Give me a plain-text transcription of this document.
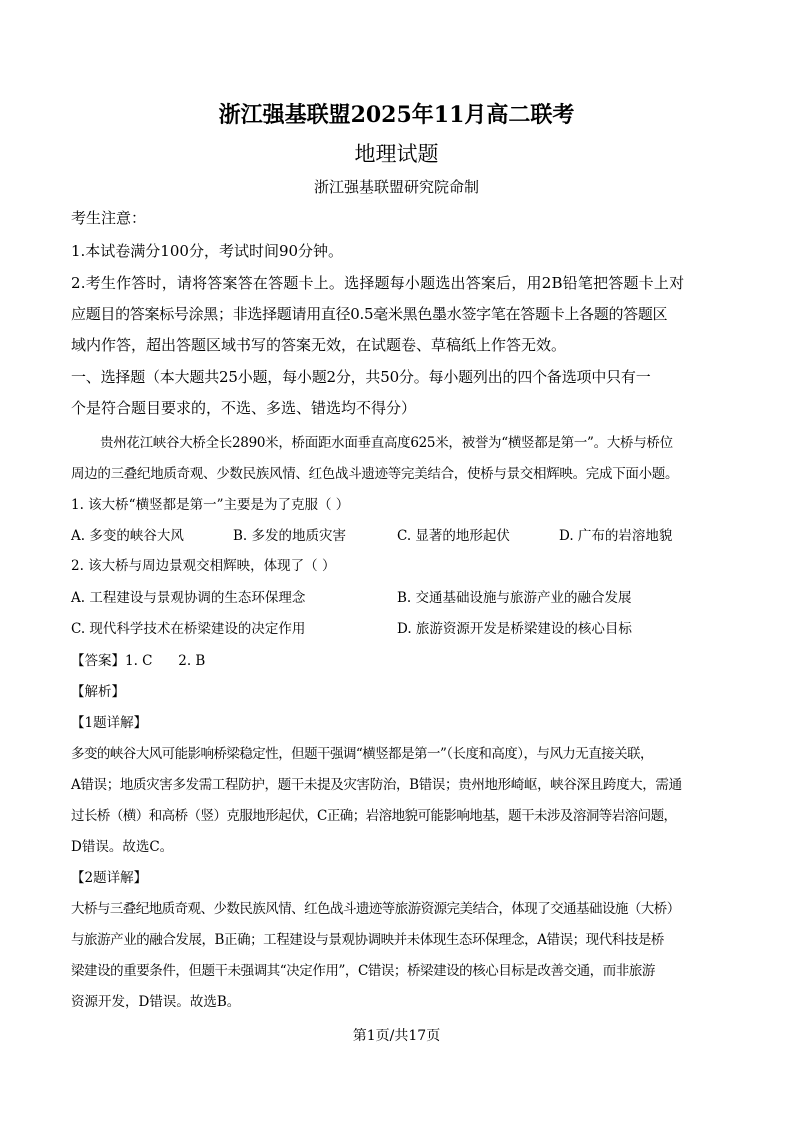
浙江强基联盟2025年11月高二联考
地理试题
浙江强基联盟研究院命制
考生注意：
1.本试卷满分100分，考试时间90分钟。
2.考生作答时，请将答案答在答题卡上。选择题每小题选出答案后，用2B铅笔把答题卡上对
应题目的答案标号涂黑；非选择题请用直径0.5毫米黑色墨水签字笔在答题卡上各题的答题区
域内作答，超出答题区域书写的答案无效，在试题卷、草稿纸上作答无效。
一、选择题（本大题共25小题，每小题2分，共50分。每小题列出的四个备选项中只有一
个是符合题目要求的，不选、多选、错选均不得分）
贵州花江峡谷大桥全长2890米，桥面距水面垂直高度625米，被誉为“横竖都是第一”。大桥与桥位
周边的三叠纪地质奇观、少数民族风情、红色战斗遗迹等完美结合，使桥与景交相辉映。完成下面小题。
1. 该大桥“横竖都是第一”主要是为了克服（ ）
A. 多变的峡谷大风	B. 多发的地质灾害	C. 显著的地形起伏	D. 广布的岩溶地貌
2. 该大桥与周边景观交相辉映，体现了（ ）
A. 工程建设与景观协调的生态环保理念	B. 交通基础设施与旅游产业的融合发展
C. 现代科学技术在桥梁建设的决定作用	D. 旅游资源开发是桥梁建设的核心目标
【答案】1. C      2. B
【解析】
【1题详解】
多变的峡谷大风可能影响桥梁稳定性，但题干强调“横竖都是第一”（长度和高度），与风力无直接关联，
A错误；地质灾害多发需工程防护，题干未提及灾害防治，B错误；贵州地形崎岖，峡谷深且跨度大，需通
过长桥（横）和高桥（竖）克服地形起伏，C正确；岩溶地貌可能影响地基，题干未涉及溶洞等岩溶问题，
D错误。故选C。
【2题详解】
大桥与三叠纪地质奇观、少数民族风情、红色战斗遗迹等旅游资源完美结合，体现了交通基础设施（大桥）
与旅游产业的融合发展，B正确；工程建设与景观协调映并未体现生态环保理念，A错误；现代科技是桥
梁建设的重要条件，但题干未强调其“决定作用”，C错误；桥梁建设的核心目标是改善交通，而非旅游
资源开发，D错误。故选B。
第1页/共17页
